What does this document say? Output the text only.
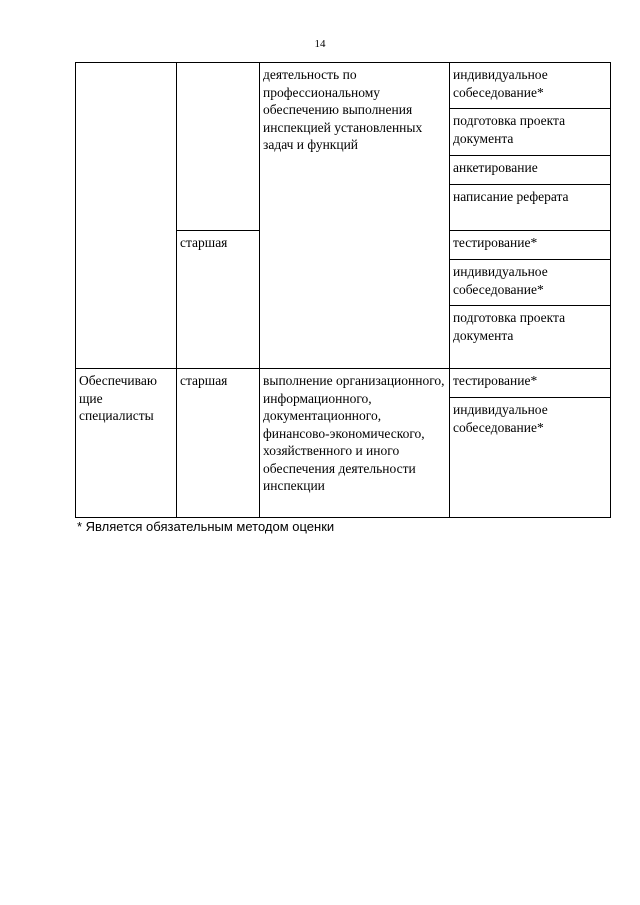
14
		деятельность по профессиональному обеспечению выполнения инспекцией установленных задач и функций	индивидуальное собеседование*
			подготовка проекта документа
			анкетирование
			написание реферата
	старшая		тестирование*
			индивидуальное собеседование*
			подготовка проекта документа
Обеспечиваю щие специалисты	старшая	выполнение организационного, информационного, документационного, финансово-экономического, хозяйственного и иного обеспечения деятельности инспекции	тестирование*
			индивидуальное собеседование*
* Является обязательным методом оценки
